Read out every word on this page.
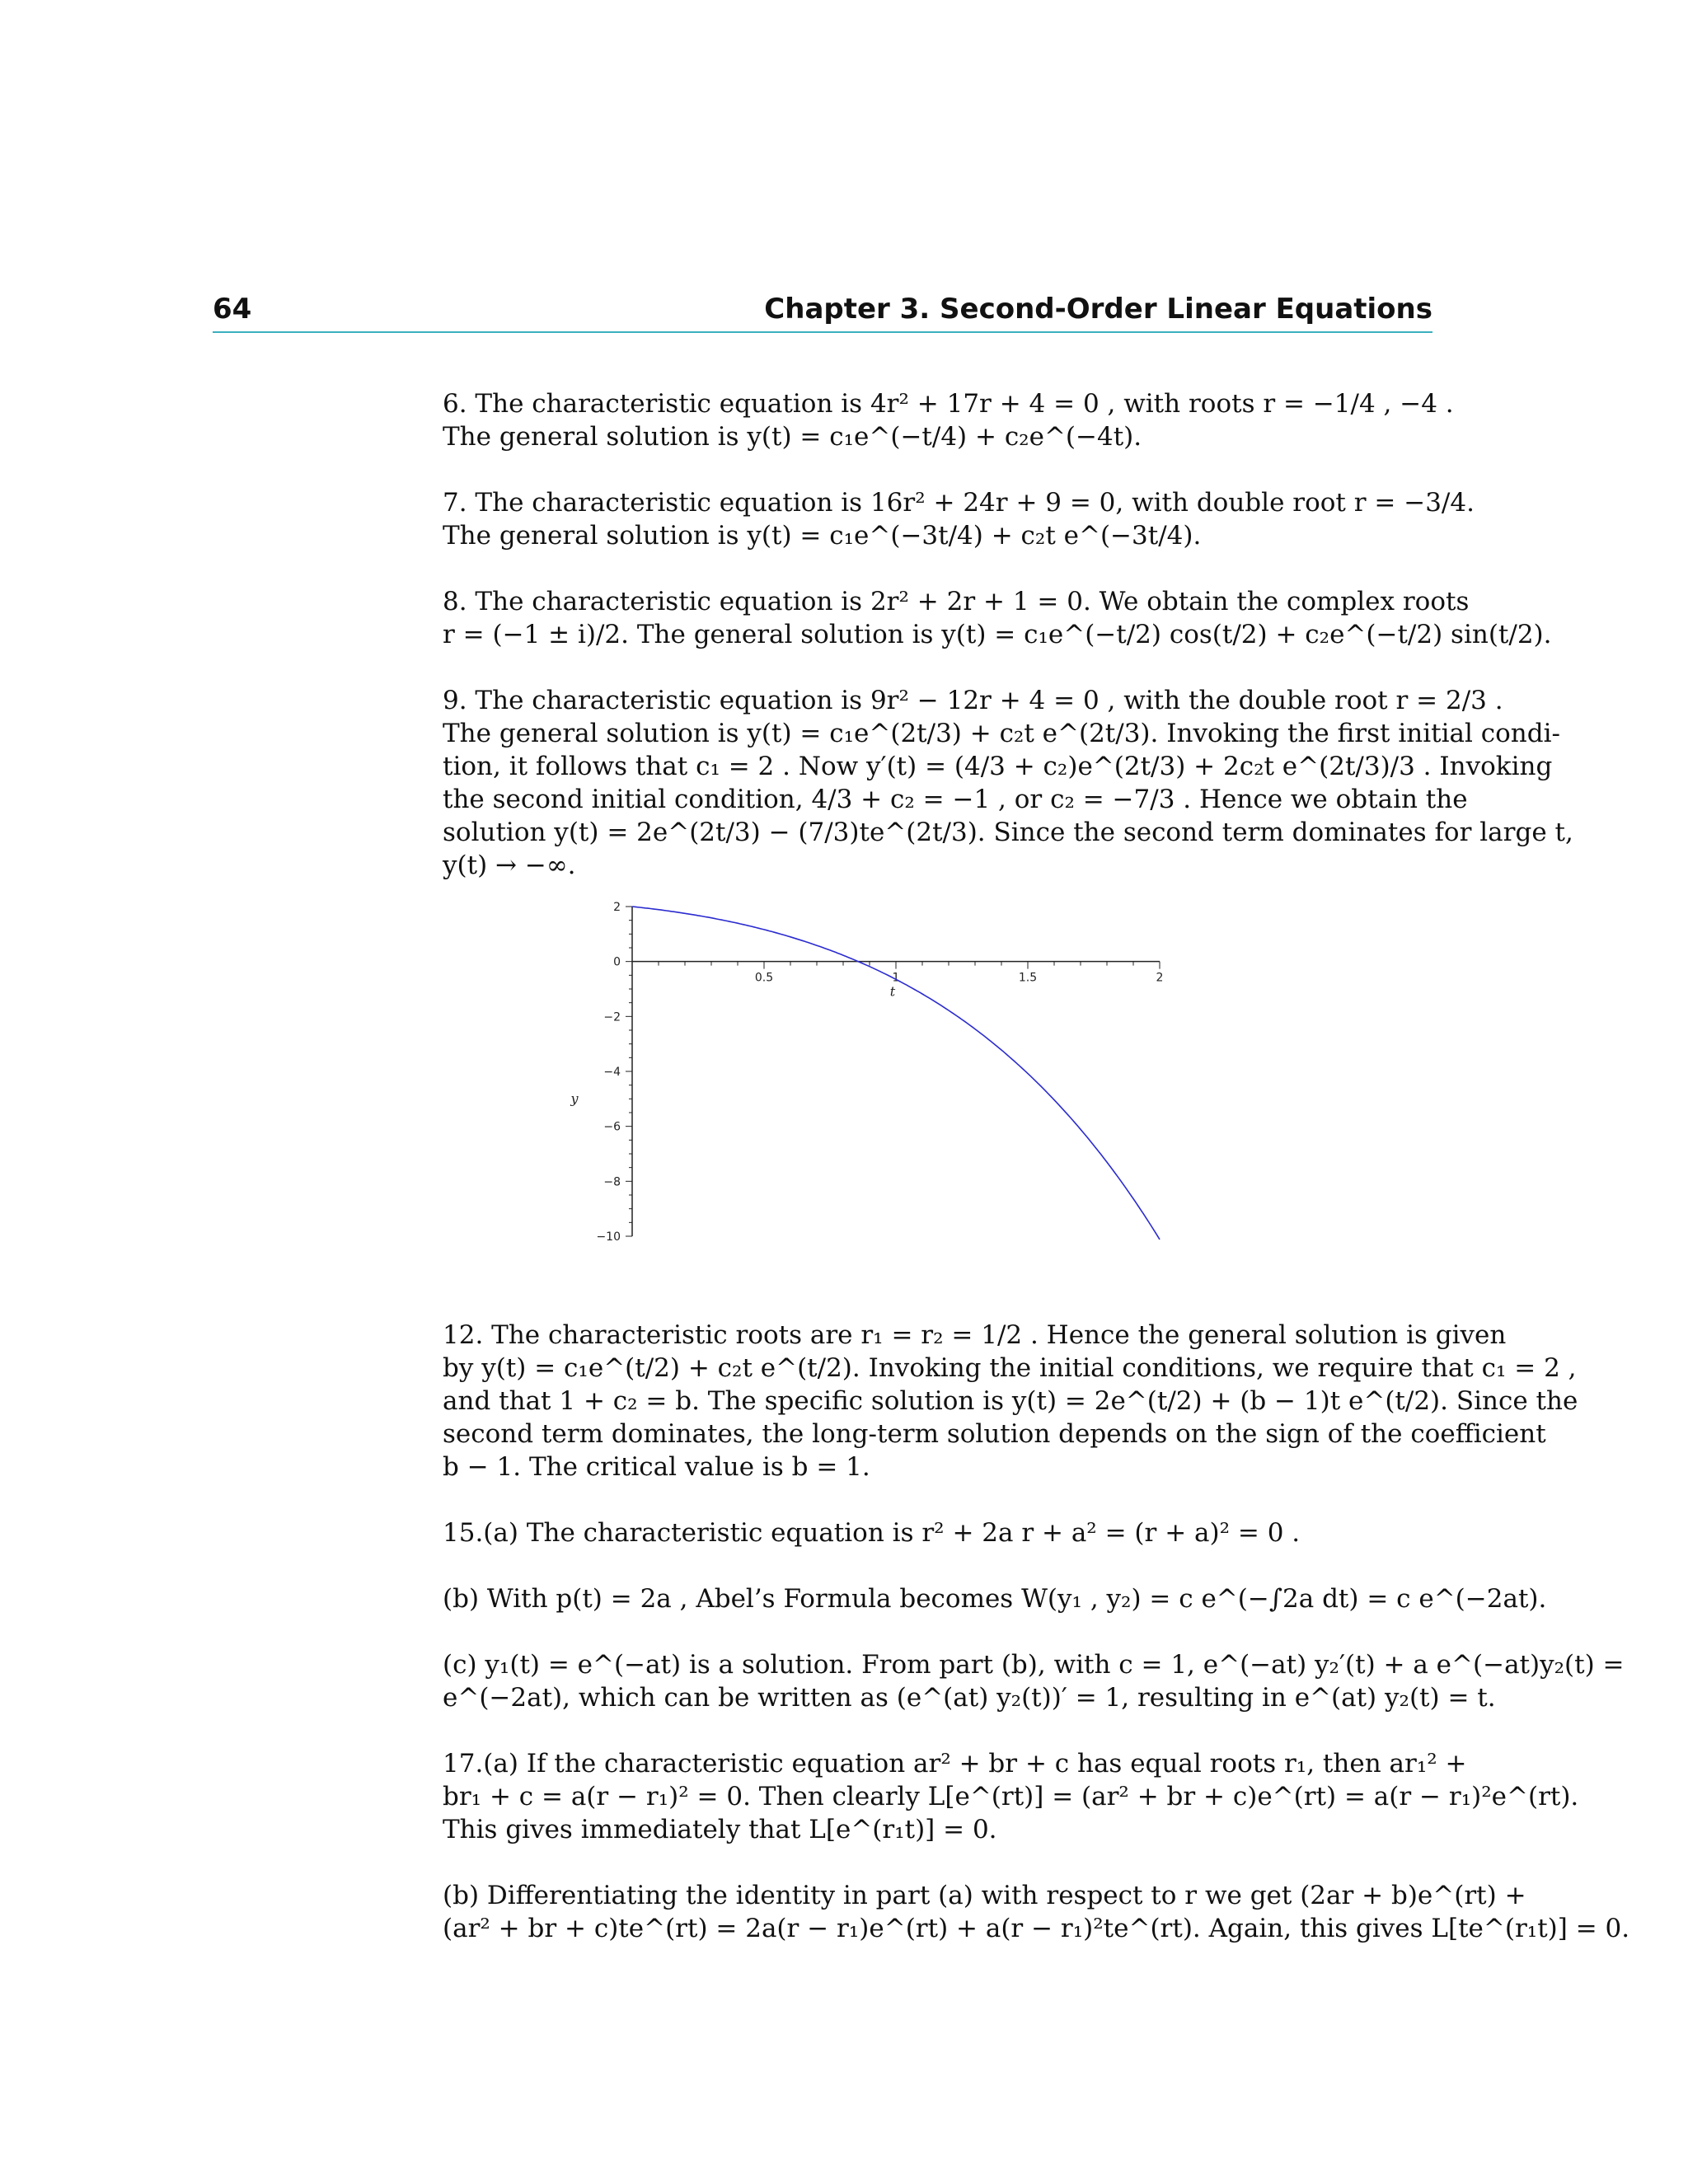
64	Chapter 3. Second-Order Linear Equations
6. The characteristic equation is 4r² + 17r + 4 = 0 , with roots r = −1/4 , −4 .
The general solution is y(t) = c₁e^(−t/4) + c₂e^(−4t).
7. The characteristic equation is 16r² + 24r + 9 = 0, with double root r = −3/4.
The general solution is y(t) = c₁e^(−3t/4) + c₂t e^(−3t/4).
8. The characteristic equation is 2r² + 2r + 1 = 0. We obtain the complex roots
r = (−1 ± i)/2. The general solution is y(t) = c₁e^(−t/2) cos(t/2) + c₂e^(−t/2) sin(t/2).
9. The characteristic equation is 9r² − 12r + 4 = 0 , with the double root r = 2/3 .
The general solution is y(t) = c₁e^(2t/3) + c₂t e^(2t/3). Invoking the first initial condi-
tion, it follows that c₁ = 2 . Now y′(t) = (4/3 + c₂)e^(2t/3) + 2c₂t e^(2t/3)/3 . Invoking
the second initial condition, 4/3 + c₂ = −1 , or c₂ = −7/3 . Hence we obtain the
solution y(t) = 2e^(2t/3) − (7/3)te^(2t/3). Since the second term dominates for large t,
y(t) → −∞.
2
0
−2
−4
−6
−8
−10
0.5	1	1.5	2
t
y
12. The characteristic roots are r₁ = r₂ = 1/2 . Hence the general solution is given
by y(t) = c₁e^(t/2) + c₂t e^(t/2). Invoking the initial conditions, we require that c₁ = 2 ,
and that 1 + c₂ = b. The specific solution is y(t) = 2e^(t/2) + (b − 1)t e^(t/2). Since the
second term dominates, the long-term solution depends on the sign of the coefficient
b − 1. The critical value is b = 1.
15.(a) The characteristic equation is r² + 2a r + a² = (r + a)² = 0 .
(b) With p(t) = 2a , Abel’s Formula becomes W(y₁ , y₂) = c e^(−∫2a dt) = c e^(−2at).
(c) y₁(t) = e^(−at) is a solution. From part (b), with c = 1, e^(−at) y₂′(t) + a e^(−at)y₂(t) =
e^(−2at), which can be written as (e^(at) y₂(t))′ = 1, resulting in e^(at) y₂(t) = t.
17.(a) If the characteristic equation ar² + br + c has equal roots r₁, then ar₁² +
br₁ + c = a(r − r₁)² = 0. Then clearly L[e^(rt)] = (ar² + br + c)e^(rt) = a(r − r₁)²e^(rt).
This gives immediately that L[e^(r₁t)] = 0.
(b) Differentiating the identity in part (a) with respect to r we get (2ar + b)e^(rt) +
(ar² + br + c)te^(rt) = 2a(r − r₁)e^(rt) + a(r − r₁)²te^(rt). Again, this gives L[te^(r₁t)] = 0.
